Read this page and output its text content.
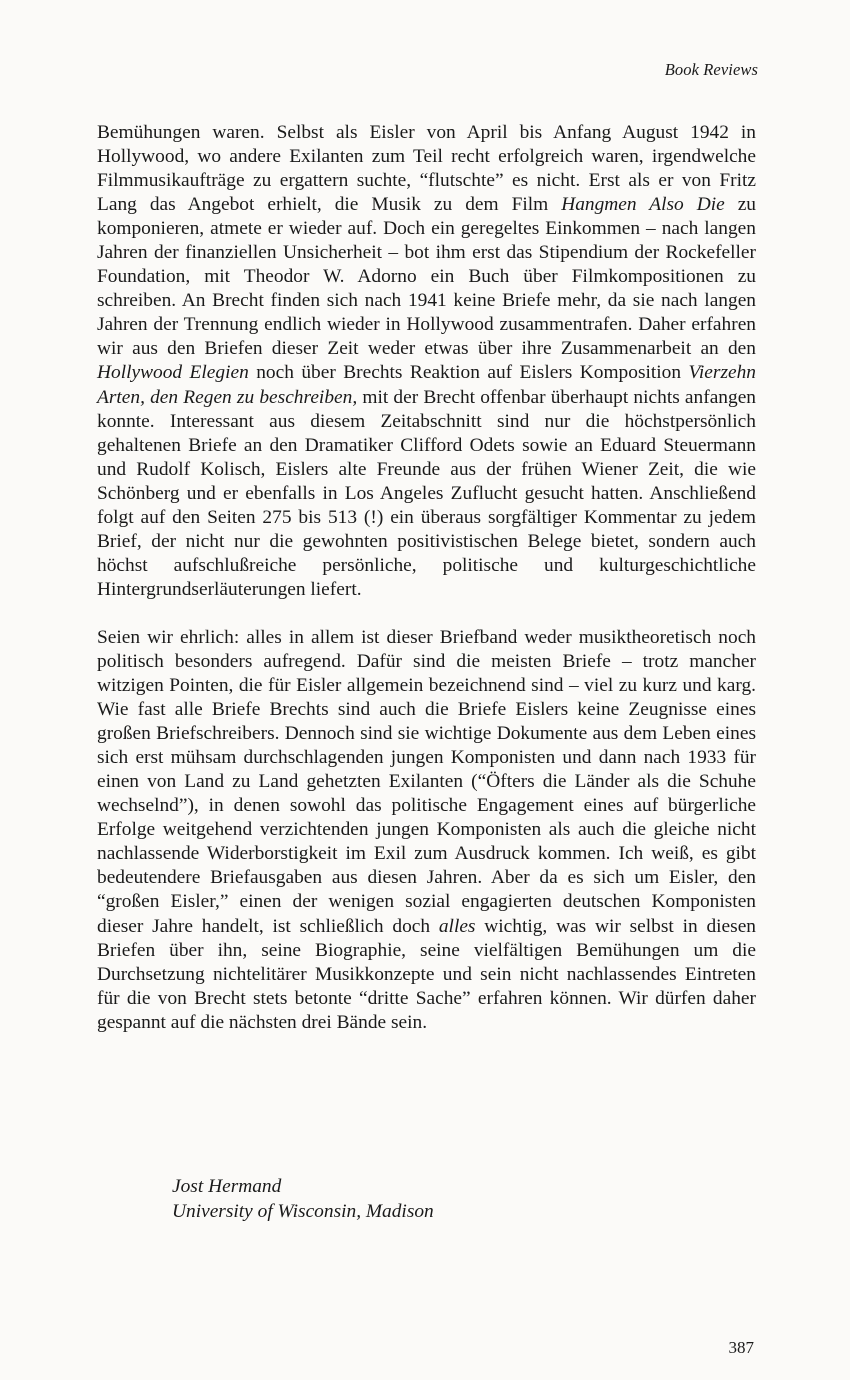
Book Reviews

Bemühungen waren. Selbst als Eisler von April bis Anfang August 1942 in Hollywood, wo andere Exilanten zum Teil recht erfolgreich waren, irgendwelche Filmmusikaufträge zu ergattern suchte, “flutschte” es nicht. Erst als er von Fritz Lang das Angebot erhielt, die Musik zu dem Film Hangmen Also Die zu komponieren, atmete er wieder auf. Doch ein geregeltes Einkommen – nach langen Jahren der finanziellen Unsicherheit – bot ihm erst das Stipendium der Rockefeller Foundation, mit Theodor W. Adorno ein Buch über Filmkompositionen zu schreiben. An Brecht finden sich nach 1941 keine Briefe mehr, da sie nach langen Jahren der Trennung endlich wieder in Hollywood zusammentrafen. Daher erfahren wir aus den Briefen dieser Zeit weder etwas über ihre Zusammenarbeit an den Hollywood Elegien noch über Brechts Reaktion auf Eislers Komposition Vierzehn Arten, den Regen zu beschreiben, mit der Brecht offenbar überhaupt nichts anfangen konnte. Interessant aus diesem Zeitabschnitt sind nur die höchstpersönlich gehaltenen Briefe an den Dramatiker Clifford Odets sowie an Eduard Steuermann und Rudolf Kolisch, Eislers alte Freunde aus der frühen Wiener Zeit, die wie Schönberg und er ebenfalls in Los Angeles Zuflucht gesucht hatten. Anschließend folgt auf den Seiten 275 bis 513 (!) ein überaus sorgfältiger Kommentar zu jedem Brief, der nicht nur die gewohnten positivistischen Belege bietet, sondern auch höchst aufschlußreiche persönliche, politische und kulturgeschichtliche Hintergrundserläuterungen liefert.

Seien wir ehrlich: alles in allem ist dieser Briefband weder musiktheoretisch noch politisch besonders aufregend. Dafür sind die meisten Briefe – trotz mancher witzigen Pointen, die für Eisler allgemein bezeichnend sind – viel zu kurz und karg. Wie fast alle Briefe Brechts sind auch die Briefe Eislers keine Zeugnisse eines großen Briefschreibers. Dennoch sind sie wichtige Dokumente aus dem Leben eines sich erst mühsam durchschlagenden jungen Komponisten und dann nach 1933 für einen von Land zu Land gehetzten Exilanten (“Öfters die Länder als die Schuhe wechselnd”), in denen sowohl das politische Engagement eines auf bürgerliche Erfolge weitgehend verzichtenden jungen Komponisten als auch die gleiche nicht nachlassende Widerborstigkeit im Exil zum Ausdruck kommen. Ich weiß, es gibt bedeutendere Briefausgaben aus diesen Jahren. Aber da es sich um Eisler, den “großen Eisler,” einen der wenigen sozial engagierten deutschen Komponisten dieser Jahre handelt, ist schließlich doch alles wichtig, was wir selbst in diesen Briefen über ihn, seine Biographie, seine vielfältigen Bemühungen um die Durchsetzung nichtelitärer Musikkonzepte und sein nicht nachlassendes Eintreten für die von Brecht stets betonte “dritte Sache” erfahren können. Wir dürfen daher gespannt auf die nächsten drei Bände sein.

Jost Hermand
University of Wisconsin, Madison
387
